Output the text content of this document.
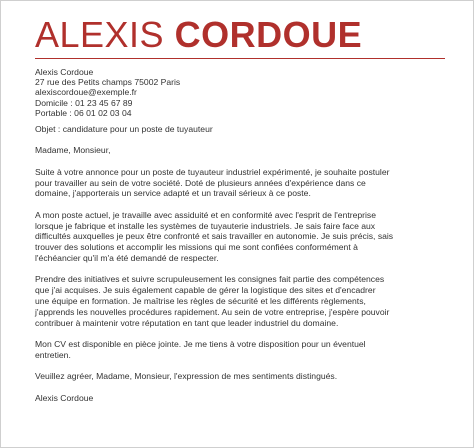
ALEXIS CORDOUE
Alexis Cordoue
27 rue des Petits champs 75002 Paris
alexiscordoue@exemple.fr
Domicile : 01 23 45 67 89
Portable : 06 01 02 03 04

Objet : candidature pour un poste de tuyauteur

Madame, Monsieur,

Suite à votre annonce pour un poste de tuyauteur industriel expérimenté, je souhaite postuler

pour travailler au sein de votre société. Doté de plusieurs années d'expérience dans ce

domaine, j'apporterais un service adapté et un travail sérieux à ce poste.

A mon poste actuel, je travaille avec assiduité et en conformité avec l'esprit de l'entreprise

lorsque je fabrique et installe les systèmes de tuyauterie industriels. Je sais faire face aux

difficultés auxquelles je peux être confronté et sais travailler en autonomie. Je suis précis, sais

trouver des solutions et accomplir les missions qui me sont confiées conformément à

l'échéancier qu'il m'a été demandé de respecter.

Prendre des initiatives et suivre scrupuleusement les consignes fait partie des compétences

que j'ai acquises. Je suis également capable de gérer la logistique des sites et d'encadrer

une équipe en formation. Je maîtrise les règles de sécurité et les différents règlements,

j'apprends les nouvelles procédures rapidement. Au sein de votre entreprise, j'espère pouvoir

contribuer à maintenir votre réputation en tant que leader industriel du domaine.

Mon CV est disponible en pièce jointe. Je me tiens à votre disposition pour un éventuel

entretien.

Veuillez agréer, Madame, Monsieur, l'expression de mes sentiments distingués.

Alexis Cordoue
